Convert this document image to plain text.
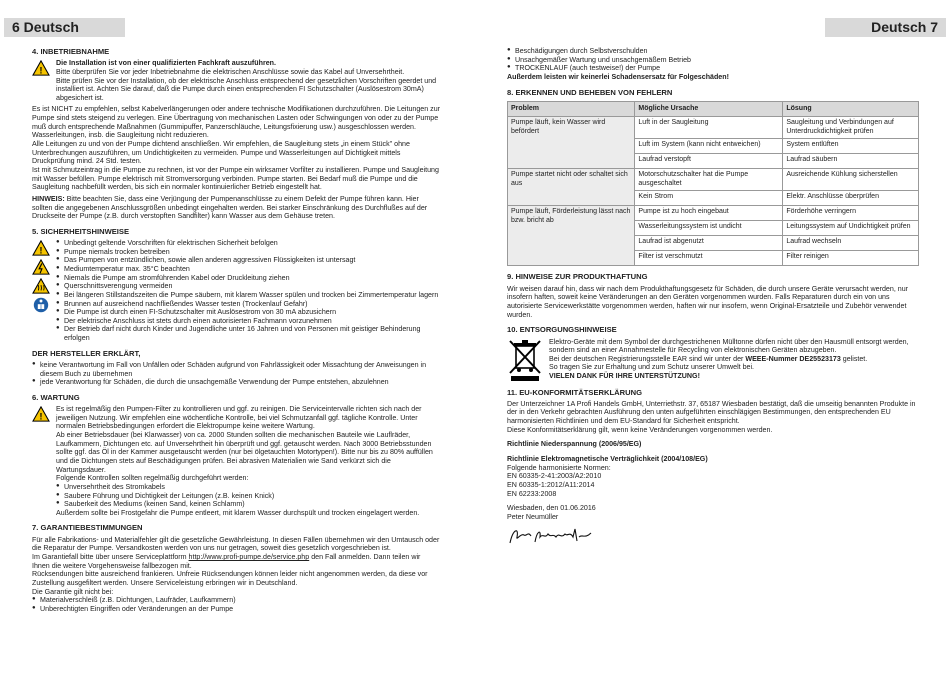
6 Deutsch	Deutsch 7
4. INBETRIEBNAHME
!

Die Installation ist von einer qualifizierten Fachkraft auszuführen.

Bitte überprüfen Sie vor jeder Inbetriebnahme die elektrischen Anschlüsse sowie das Kabel auf Unversehrtheit.

Bitte prüfen Sie vor der Installation, ob der elektrische Anschluss entsprechend der gesetzlichen Vorschriften geerdet und installiert ist. Achten Sie darauf, daß die Pumpe durch einen entsprechenden FI Schutzschalter (Auslösestrom 30mA) abgesichert ist.

Es ist NICHT zu empfehlen, selbst Kabelverlängerungen oder andere technische Modifikationen durchzuführen. Die Leitungen zur Pumpe sind stets steigend zu verlegen. Eine Übertragung von mechanischen Lasten oder Schwingungen von oder zu der Pumpe muß durch entsprechende Maßnahmen (Gummipuffer, Panzerschläuche, Leitungsfixierung usw.) ausgeschlossen werden. Wasserleitungen, insb. die Saugleitung nicht reduzieren.

Alle Leitungen zu und von der Pumpe dichtend anschließen. Wir empfehlen, die Saugleitung stets „in einem Stück" ohne Unterbrechungen auszuführen, um Undichtigkeiten zu vermeiden. Pumpe und Wasserleitungen auf Dichtigkeit mittels Druckprüfung mind. 24 Std. testen.

Ist mit Schmutzeintrag in die Pumpe zu rechnen, ist vor der Pumpe ein wirksamer Vorfilter zu installieren. Pumpe und Saugleitung mit Wasser befüllen. Pumpe elektrisch mit Stromversorgung verbinden. Pumpe starten. Bei Bedarf muß die Pumpe und die Saugleitung nachbefüllt werden, bis sich ein normaler kontinuierlicher Betrieb eingestellt hat.

HINWEIS: Bitte beachten Sie, dass eine Verjüngung der Pumpenanschlüsse zu einem Defekt der Pumpe führen kann. Hier sollten die angegebenen Anschlussgrößen unbedingt eingehalten werden. Bei starker Einschränkung des Durchflußes auf der Druckseite der Pumpe (z.B. durch verstopften Sandfilter) kann Wasser aus dem Gehäuse treten.

5. SICHERHEITSHINWEISE
!
● Unbedingt geltende Vorschriften für elektrischen Sicherheit befolgen
● Pumpe niemals trocken betreiben
● Das Pumpen von entzündlichen, sowie allen anderen aggressiven Flüssigkeiten ist untersagt
● Mediumtemperatur max. 35°C beachten
● Niemals die Pumpe am stromführenden Kabel oder Druckleitung ziehen
● Querschnittsverengung vermeiden
● Bei längeren Stillstandszeiten die Pumpe säubern, mit klarem Wasser spülen und trocken bei Zimmertemperatur lagern
● Brunnen auf ausreichend nachfließendes Wasser testen (Trockenlauf Gefahr)
● Die Pumpe ist durch einen FI-Schutzschalter mit Auslösestrom von 30 mA abzusichern
● Der elektrische Anschluss ist stets durch einen autorisierten Fachmann vorzunehmen
● Der Betrieb darf nicht durch Kinder und Jugendliche unter 16 Jahren und von Personen mit geistiger Behinderung erfolgen
DER HERSTELLER ERKLÄRT,
● keine Verantwortung im Fall von Unfällen oder Schäden aufgrund von Fahrlässigkeit oder Missachtung der Anweisungen in diesem Buch zu übernehmen
● jede Verantwortung für Schäden, die durch die unsachgemäße Verwendung der Pumpe entstehen, abzulehnen
6. WARTUNG
!

Es ist regelmäßig den Pumpen-Filter zu kontrollieren und ggf. zu reinigen. Die Serviceintervalle richten sich nach der jeweiligen Nutzung. Wir empfehlen eine wöchentliche Kontrolle, bei viel Schmutzanfall ggf. tägliche Kontrolle. Unter normalen Betriebsbedingungen erfordert die Elektropumpe keine weitere Wartung.

Ab einer Betriebsdauer (bei Klarwasser) von ca. 2000 Stunden sollten die mechanischen Bauteile wie Lauflräder, Laufkammern, Dichtungen etc. auf Unversehrtheit hin überprüft und ggf. getauscht werden. Nach 3000 Betriebsstunden sollte ggf. das Öl in der Kammer ausgetauscht werden (nur bei ölgetauchten Motortypen!). Bitte nur bis zu 80% auffüllen und die Dichtungen stets auf Beschädigungen prüfen. Bei abrasiven Materialien wie Sand verkürzt sich die Wartungsdauer.

Folgende Kontrollen sollten regelmäßig durchgeführt werden:

● Unversehrtheit des Stromkabels
● Saubere Führung und Dichtigkeit der Leitungen (z.B. keinen Knick)
● Sauberkeit des Mediums (keinen Sand, keinen Schlamm)

Außerdem sollte bei Frostgefahr die Pumpe entleert, mit klarem Wasser durchspült und trocken eingelagert werden.

7. GARANTIEBESTIMMUNGEN

Für alle Fabrikations- und Materialfehler gilt die gesetzliche Gewährleistung. In diesen Fällen übernehmen wir den Umtausch oder die Reparatur der Pumpe. Versandkosten werden von uns nur getragen, soweit dies gesetzlich vorgeschrieben ist.

Im Garantiefall bitte über unsere Serviceplattform http://www.profi-pumpe.de/service.php den Fall anmelden. Dann teilen wir Ihnen die weitere Vorgehensweise fallbezogen mit.

Rücksendungen bitte ausreichend frankieren. Unfreie Rücksendungen können leider nicht angenommen werden, da diese vor Zustellung ausgefiltert werden. Unsere Serviceleistung erbringen wir in Deutschland.

Die Garantie gilt nicht bei:

● Materialverschleiß (z.B. Dichtungen, Laufräder, Laufkammern)
● Unberechtigten Eingriffen oder Veränderungen an der Pumpe
● Beschädigungen durch Selbstverschulden
● Unsachgemäßer Wartung und unsachgemäßem Betrieb
● TROCKENLAUF (auch testweise!) der Pumpe

Außerdem leisten wir keinerlei Schadensersatz für Folgeschäden!

8. ERKENNEN UND BEHEBEN VON FEHLERN
Problem	Mögliche Ursache	Lösung
Pumpe läuft, kein Wasser wird befördert	Luft in der Saugleitung	Saugleitung und Verbindungen auf Unterdruckdichtigkeit prüfen
	Luft im System (kann nicht entweichen)	System entlüften
	Laufrad verstopft	Laufrad säubern
Pumpe startet nicht oder schaltet sich aus	Motorschutzschalter hat die Pumpe ausgeschaltet	Ausreichende Kühlung sicherstellen
	Kein Strom	Elektr. Anschlüsse überprüfen
Pumpe läuft, Förderleistung lässt nach bzw. bricht ab	Pumpe ist zu hoch eingebaut	Förderhöhe verringern
	Wasserleitungssystem ist undicht	Leitungssystem auf Undichtigkeit prüfen
	Laufrad ist abgenutzt	Laufrad wechseln
	Filter ist verschmutzt	Filter reinigen
9. HINWEISE ZUR PRODUKTHAFTUNG

Wir weisen darauf hin, dass wir nach dem Produkthaftungsgesetz für Schäden, die durch unsere Geräte verursacht werden, nur insofern haften, soweit keine Veränderungen an den Geräten vorgenommen wurden. Falls Reparaturen durch ein von uns autorisierte Servicewerkstätte vorgenommen werden, haften wir nur insofern, wenn Original-Ersatzteile und Zubehör verwendet wurden.

10. ENTSORGUNGSHINWEISE

Elektro-Geräte mit dem Symbol der durchgestrichenen Mülltonne dürfen nicht über den Hausmüll entsorgt werden, sondern sind an einer Annahmestelle für Recycling von elektronischen Geräten abzugeben.

Bei der deutschen Registrierungsstelle EAR sind wir unter der WEEE-Nummer DE25523173 gelistet.

So tragen Sie zur Erhaltung und zum Schutz unserer Umwelt bei.

VIELEN DANK FÜR IHRE UNTERSTÜTZUNG!

11. EU-KONFORMITÄTSERKLÄRUNG

Der Unterzeichner 1A Profi Handels GmbH, Unterriethstr. 37, 65187 Wiesbaden bestätigt, daß die umseitig benannten Produkte in der in den Verkehr gebrachten Ausführung den unten aufgeführten einschlägigen Bestimmungen, den entsprechenden EU harmonisierten Richtlinien und dem EU-Standard für Sicherheit entspricht.

Diese Konformitätserklärung gilt, wenn keine Veränderungen vorgenommen werden.

Richtlinie Niederspannung (2006/95/EG)

Richtlinie Elektromagnetische Verträglichkeit (2004/108/EG)

Folgende harmonisierte Normen:

EN 60335-2-41:2003/A2:2010

EN 60335-1:2012/A11:2014

EN 62233:2008

Wiesbaden, den 01.06.2016

Peter Neumüller
